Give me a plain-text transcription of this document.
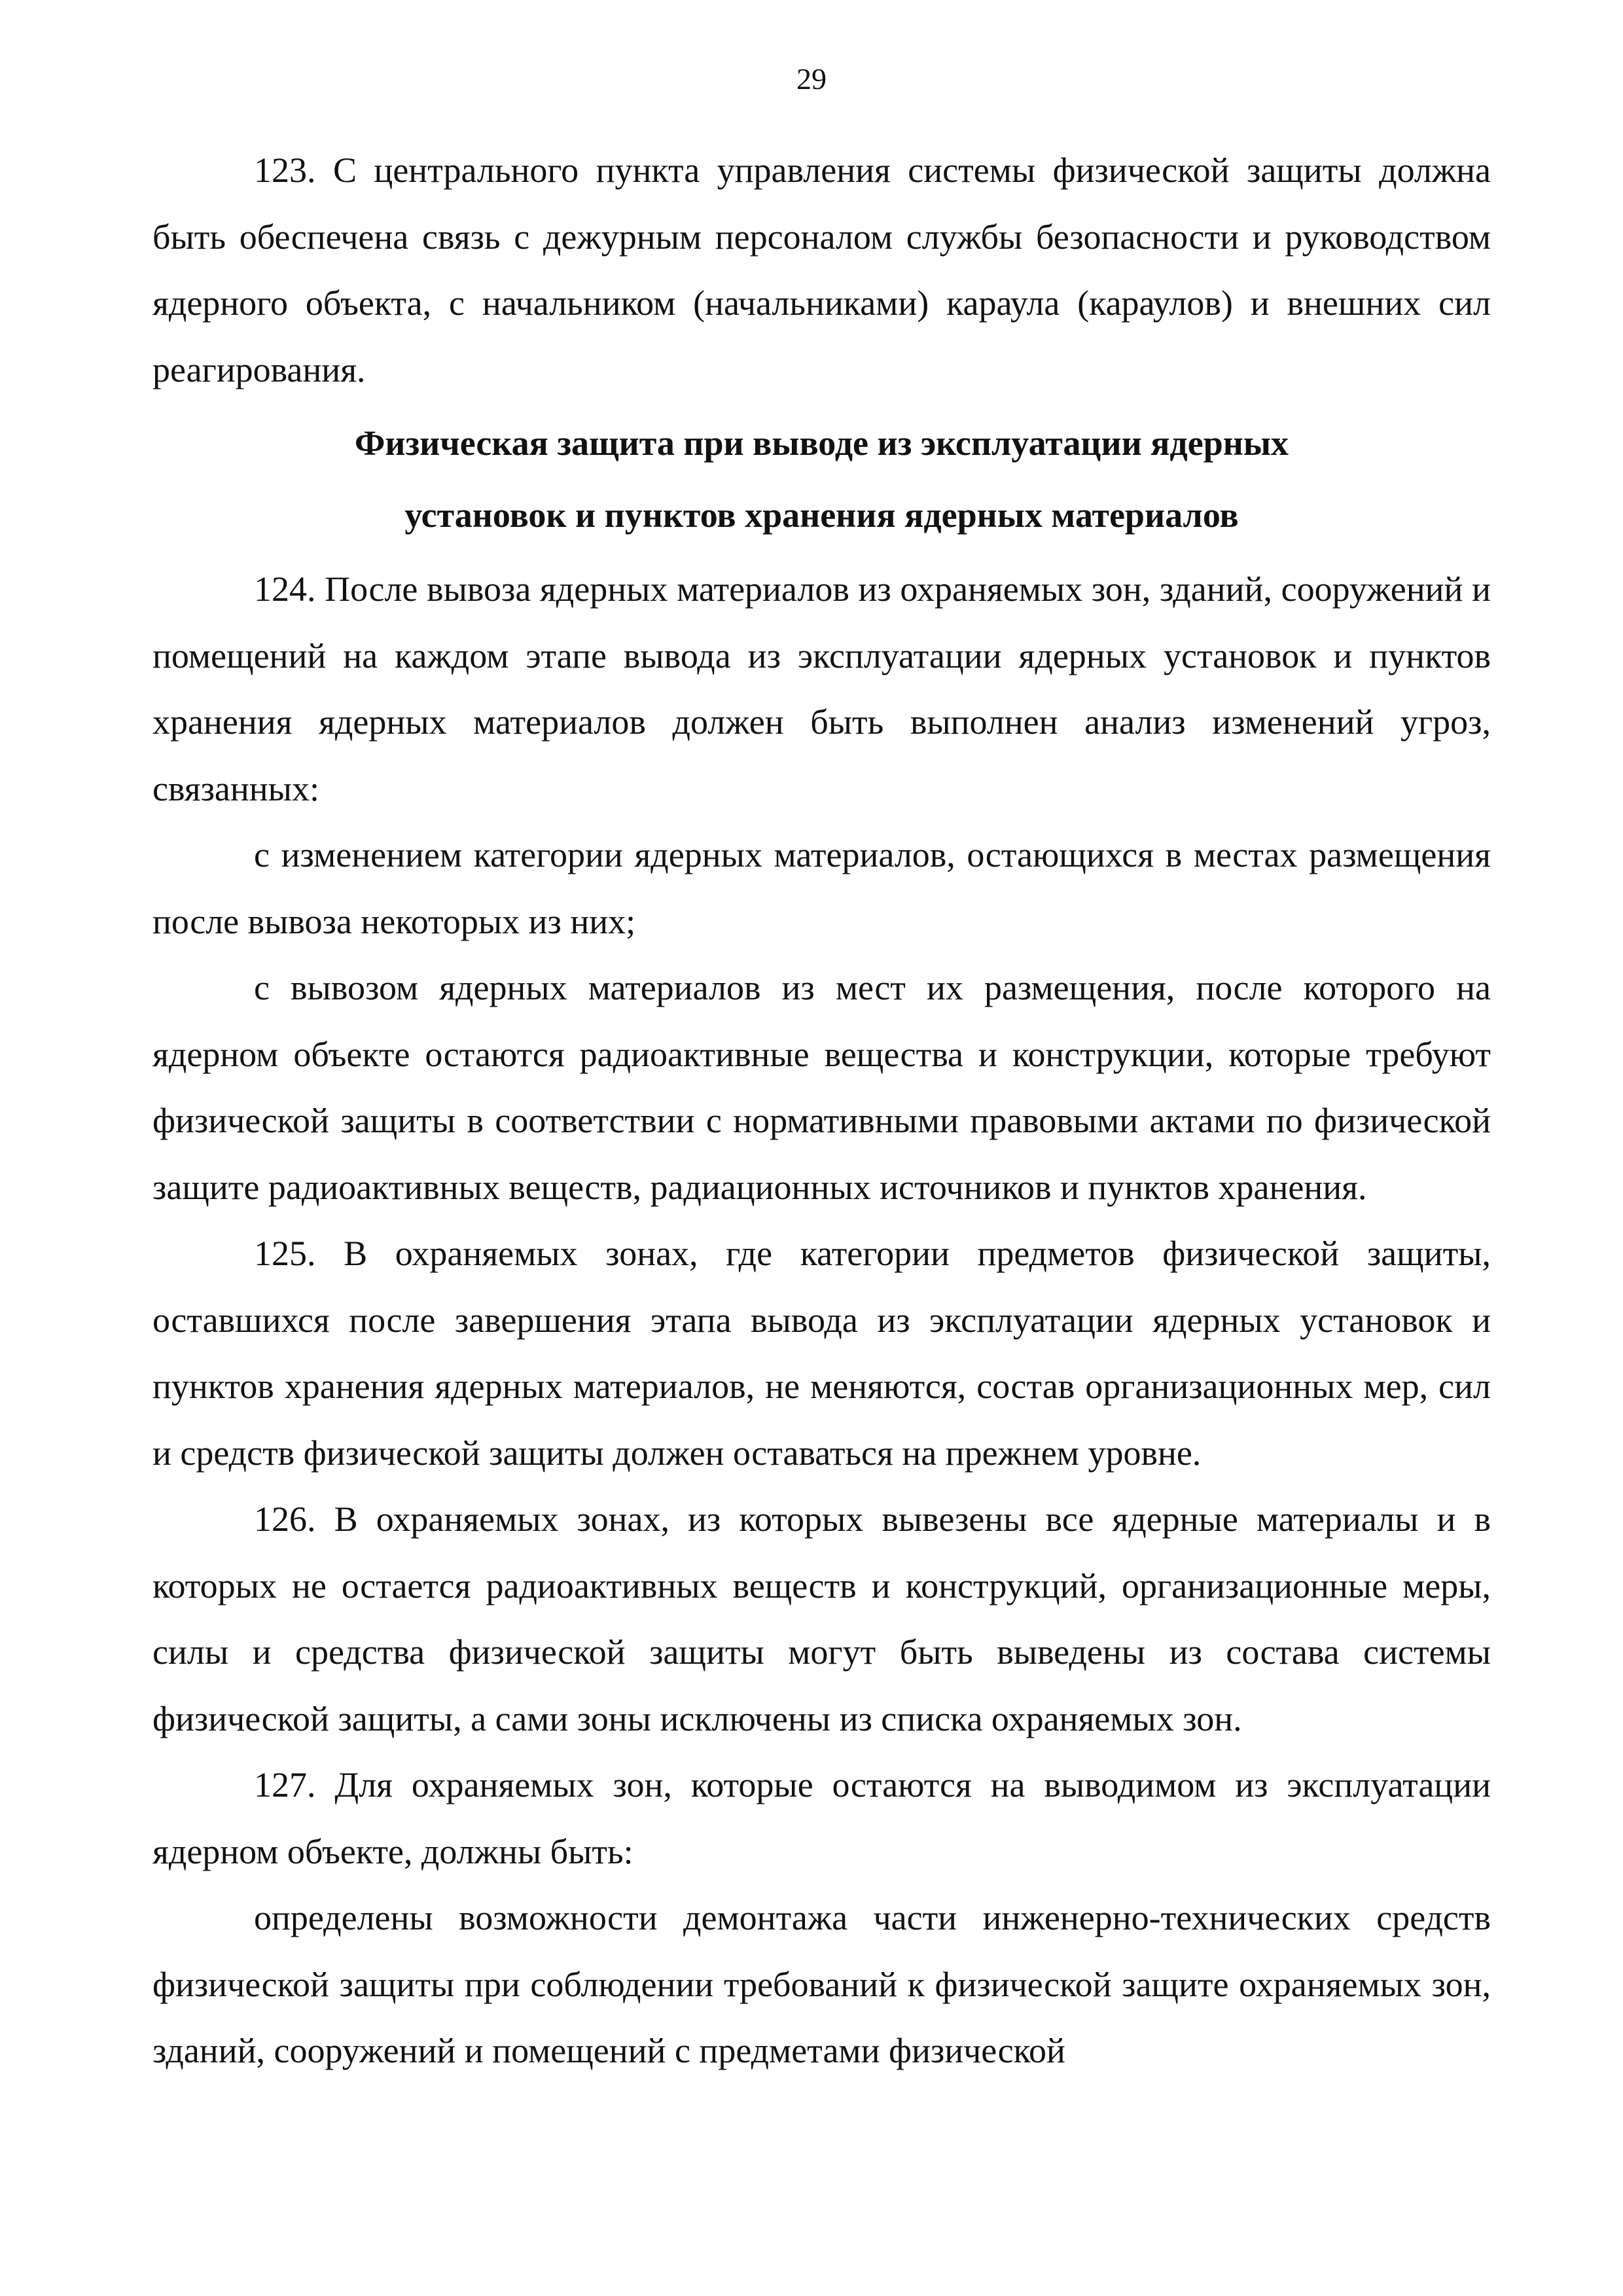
29

123. С центрального пункта управления системы физической защиты должна быть обеспечена связь с дежурным персоналом службы безопасности и руководством ядерного объекта, с начальником (начальниками) караула (караулов) и внешних сил реагирования.

Физическая защита при выводе из эксплуатации ядерных
установок и пунктов хранения ядерных материалов

124. После вывоза ядерных материалов из охраняемых зон, зданий, сооружений и помещений на каждом этапе вывода из эксплуатации ядерных установок и пунктов хранения ядерных материалов должен быть выполнен анализ изменений угроз, связанных:

с изменением категории ядерных материалов, остающихся в местах размещения после вывоза некоторых из них;

с вывозом ядерных материалов из мест их размещения, после которого на ядерном объекте остаются радиоактивные вещества и конструкции, которые требуют физической защиты в соответствии с нормативными правовыми актами по физической защите радиоактивных веществ, радиационных источников и пунктов хранения.

125. В охраняемых зонах, где категории предметов физической защиты, оставшихся после завершения этапа вывода из эксплуатации ядерных установок и пунктов хранения ядерных материалов, не меняются, состав организационных мер, сил и средств физической защиты должен оставаться на прежнем уровне.

126. В охраняемых зонах, из которых вывезены все ядерные материалы и в которых не остается радиоактивных веществ и конструкций, организационные меры, силы и средства физической защиты могут быть выведены из состава системы физической защиты, а сами зоны исключены из списка охраняемых зон.

127. Для охраняемых зон, которые остаются на выводимом из эксплуатации ядерном объекте, должны быть:

определены возможности демонтажа части инженерно-технических средств физической защиты при соблюдении требований к физической защите охраняемых зон, зданий, сооружений и помещений с предметами физической
